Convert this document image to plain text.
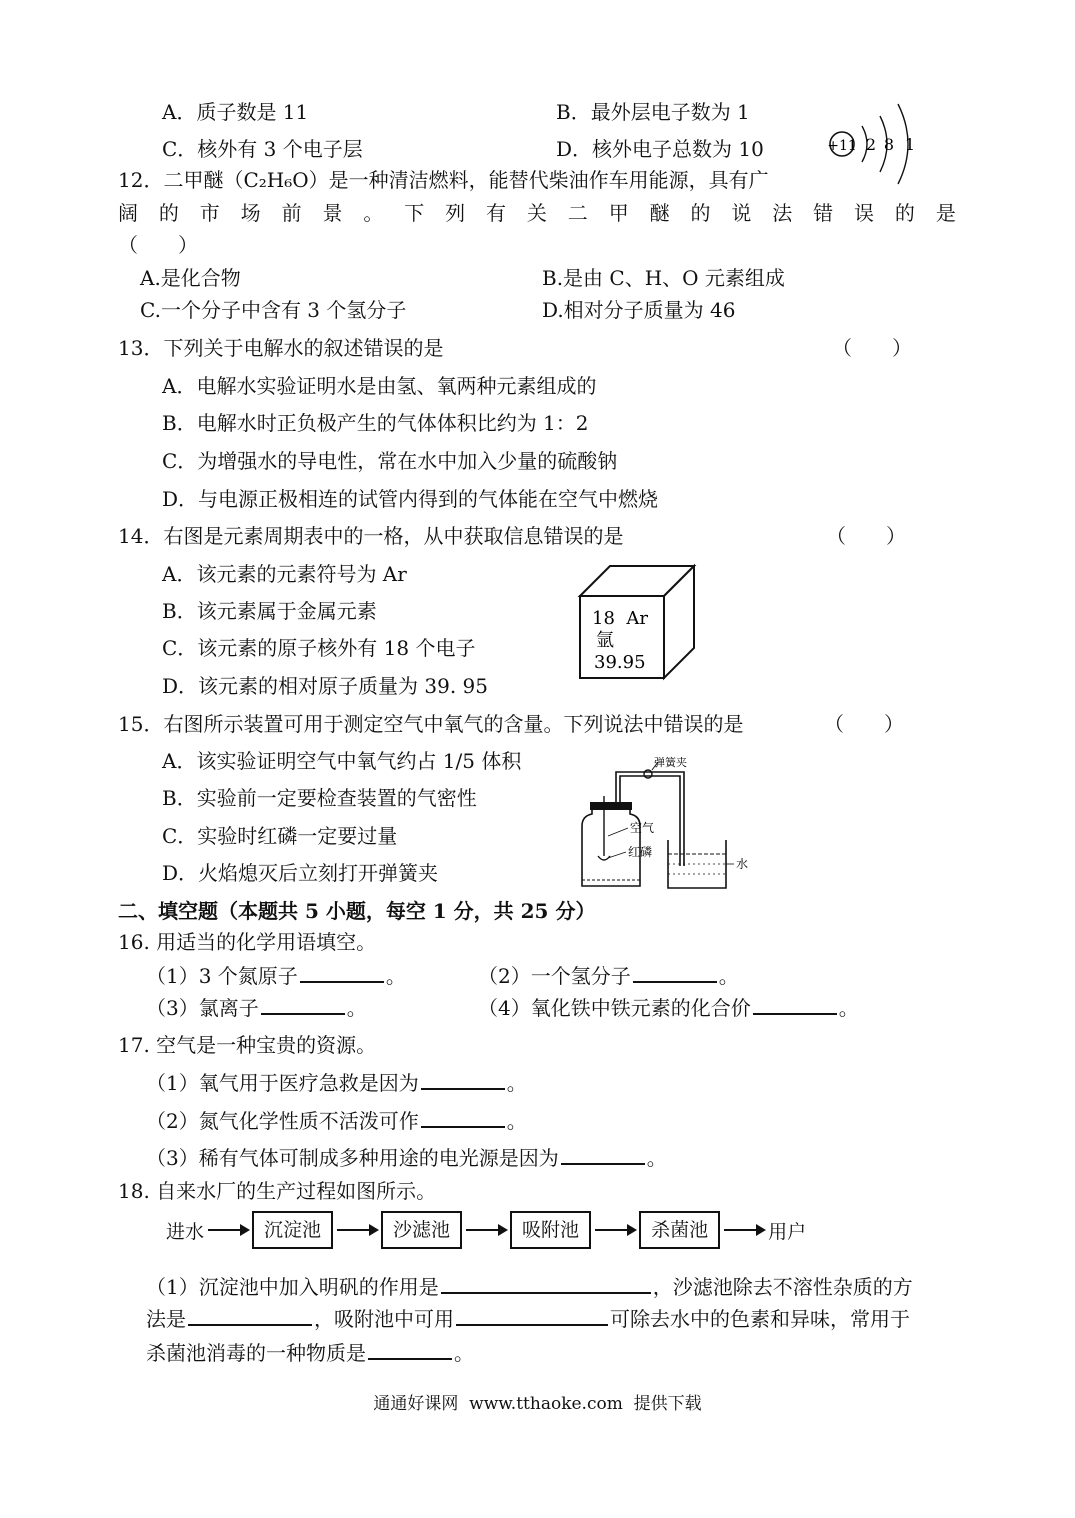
A．质子数是 11	B．最外层电子数为 1
C．核外有 3 个电子层	D．核外电子总数为 10	+11 2 8 1
12．二甲醚（C₂H₆O）是一种清洁燃料，能替代柴油作车用能源，具有广
阔 的 市 场 前 景 。 下 列 有 关 二 甲 醚 的 说 法 错 误 的 是
（　　）
A.是化合物	B.是由 C、H、O 元素组成
C.一个分子中含有 3 个氢分子	D.相对分子质量为 46
13．下列关于电解水的叙述错误的是	（　　）
A．电解水实验证明水是由氢、氧两种元素组成的
B．电解水时正负极产生的气体体积比约为 1：2
C．为增强水的导电性，常在水中加入少量的硫酸钠
D．与电源正极相连的试管内得到的气体能在空气中燃烧
14．右图是元素周期表中的一格，从中获取信息错误的是	（　　）
A．该元素的元素符号为 Ar
B．该元素属于金属元素
C．该元素的原子核外有 18 个电子
D．该元素的相对原子质量为 39. 95
18  Ar
氩
39.95
15．右图所示装置可用于测定空气中氧气的含量。下列说法中错误的是	（　　）
A．该实验证明空气中氧气约占 1/5 体积
B．实验前一定要检查装置的气密性
C．实验时红磷一定要过量
D．火焰熄灭后立刻打开弹簧夹
弹簧夹
空气
红磷
水
二、填空题（本题共 5 小题，每空 1 分，共 25 分）
16. 用适当的化学用语填空。
（1）3 个氮原子	。	（2）一个氢分子	。
（3）氯离子	。	（4）氧化铁中铁元素的化合价	。
17. 空气是一种宝贵的资源。
（1）氧气用于医疗急救是因为	。
（2）氮气化学性质不活泼可作	。
（3）稀有气体可制成多种用途的电光源是因为	。
18. 自来水厂的生产过程如图所示。
进水	沉淀池	沙滤池	吸附池	杀菌池	用户
（1）沉淀池中加入明矾的作用是	，沙滤池除去不溶性杂质的方
法是	，吸附池中可用	可除去水中的色素和异味，常用于
杀菌池消毒的一种物质是	。
通通好课网  www.tthaoke.com  提供下载
